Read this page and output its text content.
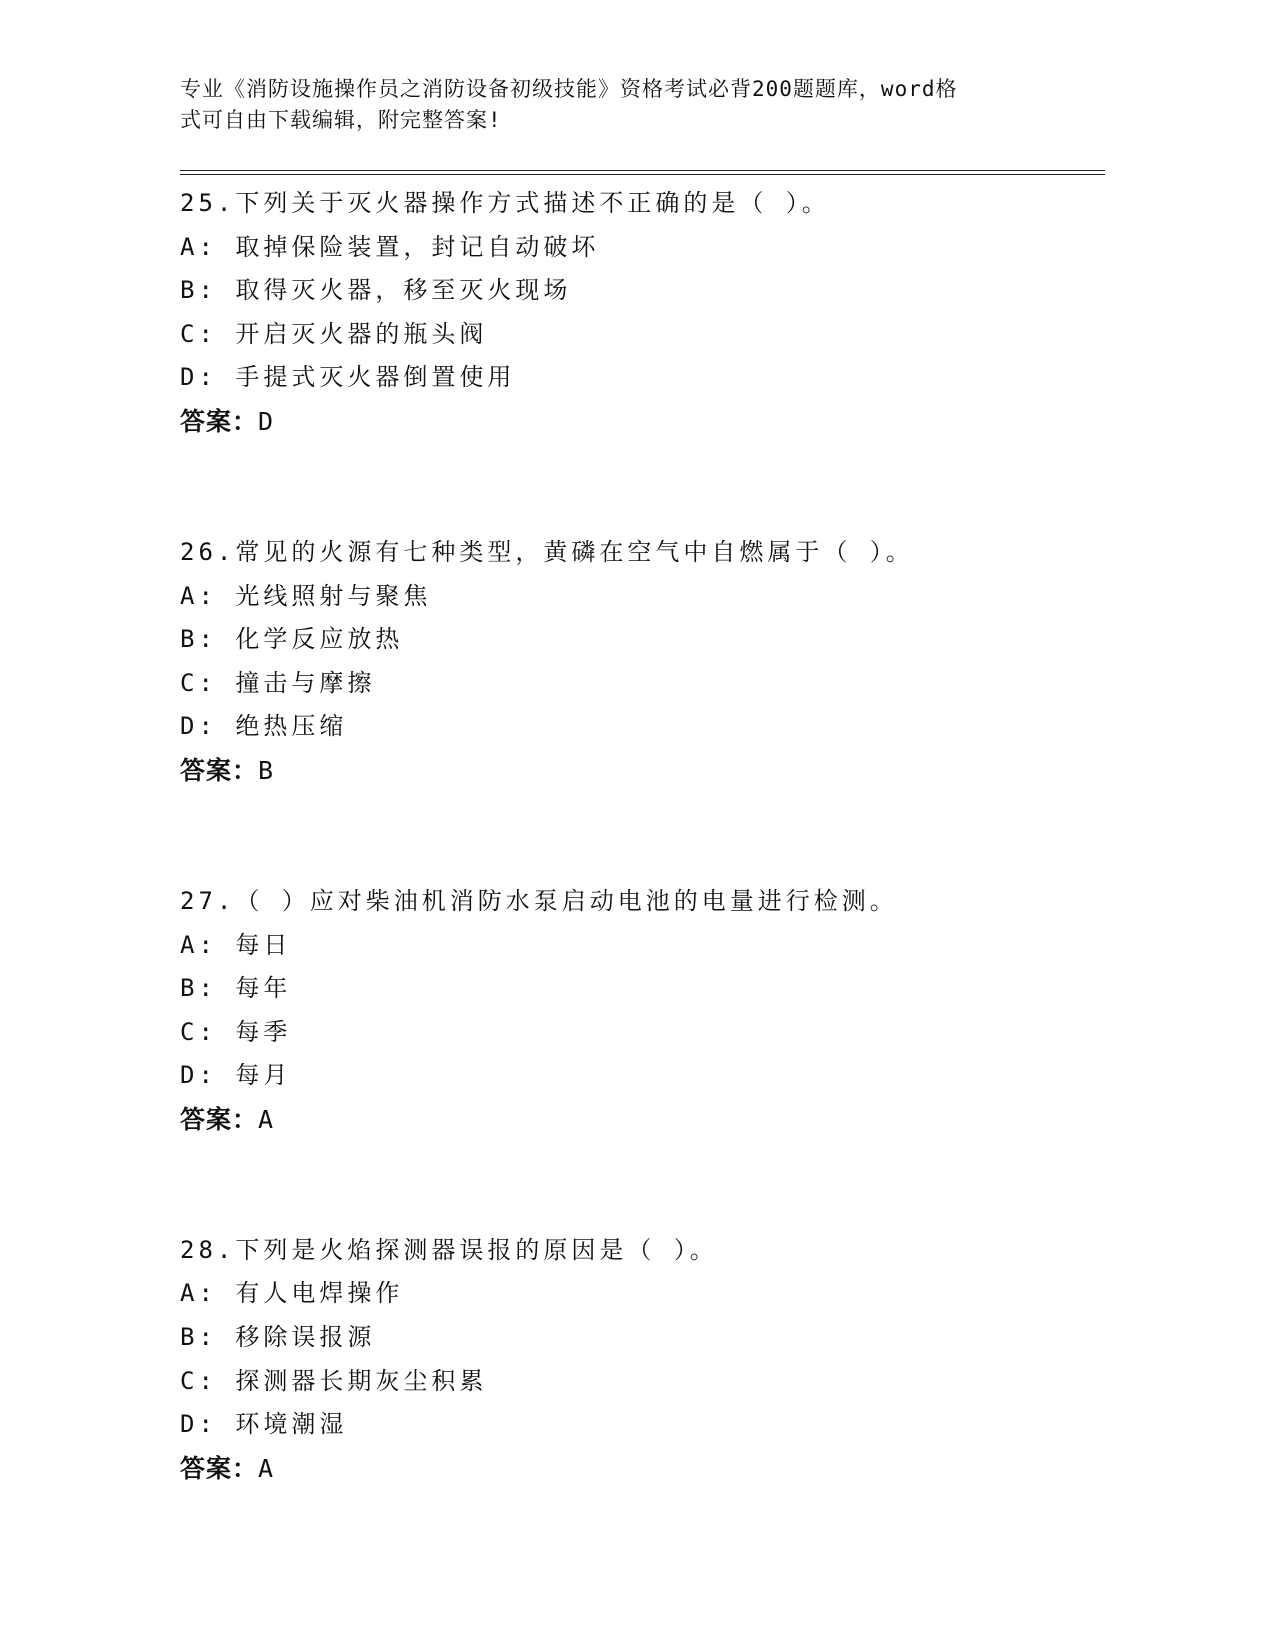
专业《消防设施操作员之消防设备初级技能》资格考试必背200题题库，word格
式可自由下载编辑，附完整答案!
25.下列关于灭火器操作方式描述不正确的是（ ）。
A: 取掉保险装置，封记自动破坏
B: 取得灭火器，移至灭火现场
C: 开启灭火器的瓶头阀
D: 手提式灭火器倒置使用
答案：D
26.常见的火源有七种类型，黄磷在空气中自燃属于（ ）。
A: 光线照射与聚焦
B: 化学反应放热
C: 撞击与摩擦
D: 绝热压缩
答案：B
27.（ ）应对柴油机消防水泵启动电池的电量进行检测。
A: 每日
B: 每年
C: 每季
D: 每月
答案：A
28.下列是火焰探测器误报的原因是（ ）。
A: 有人电焊操作
B: 移除误报源
C: 探测器长期灰尘积累
D: 环境潮湿
答案：A
